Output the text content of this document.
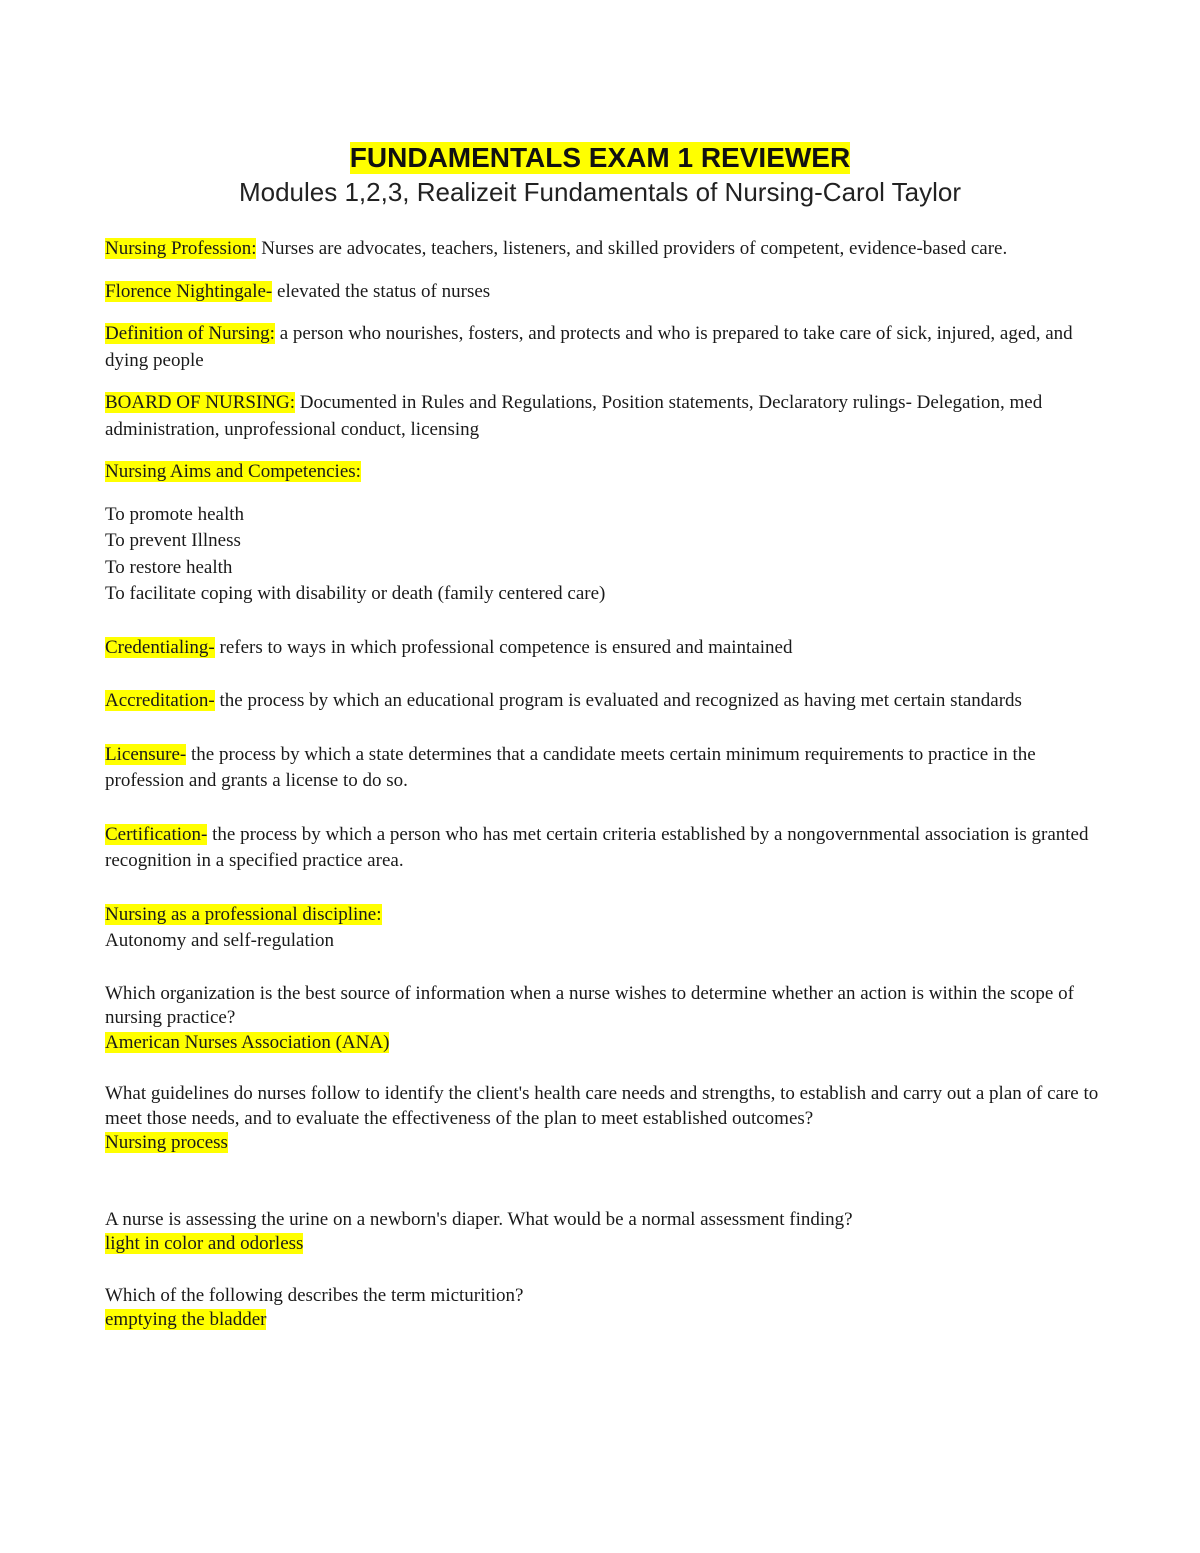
FUNDAMENTALS EXAM 1 REVIEWER
Modules 1,2,3, Realizeit Fundamentals of Nursing-Carol Taylor

Nursing Profession: Nurses are advocates, teachers, listeners, and skilled providers of competent, evidence-based care.

Florence Nightingale- elevated the status of nurses

Definition of Nursing: a person who nourishes, fosters, and protects and who is prepared to take care of sick, injured, aged, and dying people

BOARD OF NURSING: Documented in Rules and Regulations, Position statements, Declaratory rulings- Delegation, med administration, unprofessional conduct, licensing

Nursing Aims and Competencies:

To promote health

To prevent Illness

To restore health

To facilitate coping with disability or death (family centered care)

Credentialing- refers to ways in which professional competence is ensured and maintained

Accreditation- the process by which an educational program is evaluated and recognized as having met certain standards

Licensure- the process by which a state determines that a candidate meets certain minimum requirements to practice in the profession and grants a license to do so.

Certification- the process by which a person who has met certain criteria established by a nongovernmental association is granted recognition in a specified practice area.

Nursing as a professional discipline:

Autonomy and self-regulation

Which organization is the best source of information when a nurse wishes to determine whether an action is within the scope of nursing practice?

American Nurses Association (ANA)

What guidelines do nurses follow to identify the client's health care needs and strengths, to establish and carry out a plan of care to meet those needs, and to evaluate the effectiveness of the plan to meet established outcomes?

Nursing process

A nurse is assessing the urine on a newborn's diaper. What would be a normal assessment finding?

light in color and odorless

Which of the following describes the term micturition?

emptying the bladder
